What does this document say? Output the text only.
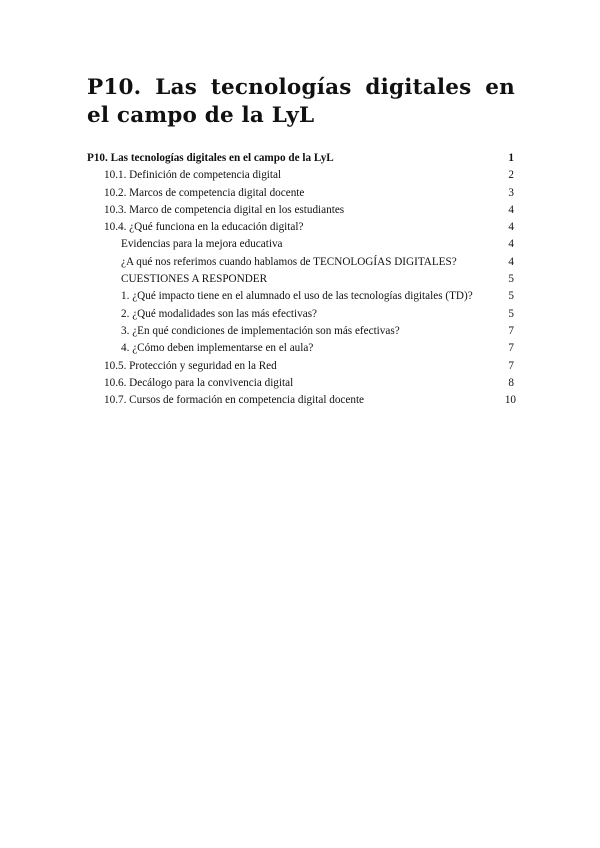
P10. Las tecnologías digitales en el campo de la LyL
P10. Las tecnologías digitales en el campo de la LyL	1
10.1. Definición de competencia digital	2
10.2. Marcos de competencia digital docente	3
10.3. Marco de competencia digital en los estudiantes	4
10.4. ¿Qué funciona en la educación digital?	4
Evidencias para la mejora educativa	4
¿A qué nos referimos cuando hablamos de TECNOLOGÍAS DIGITALES?	4
CUESTIONES A RESPONDER	5
1. ¿Qué impacto tiene en el alumnado el uso de las tecnologías digitales (TD)?	5
2. ¿Qué modalidades son las más efectivas?	5
3. ¿En qué condiciones de implementación son más efectivas?	7
4. ¿Cómo deben implementarse en el aula?	7
10.5. Protección y seguridad en la Red	7
10.6. Decálogo para la convivencia digital	8
10.7. Cursos de formación en competencia digital docente	10
